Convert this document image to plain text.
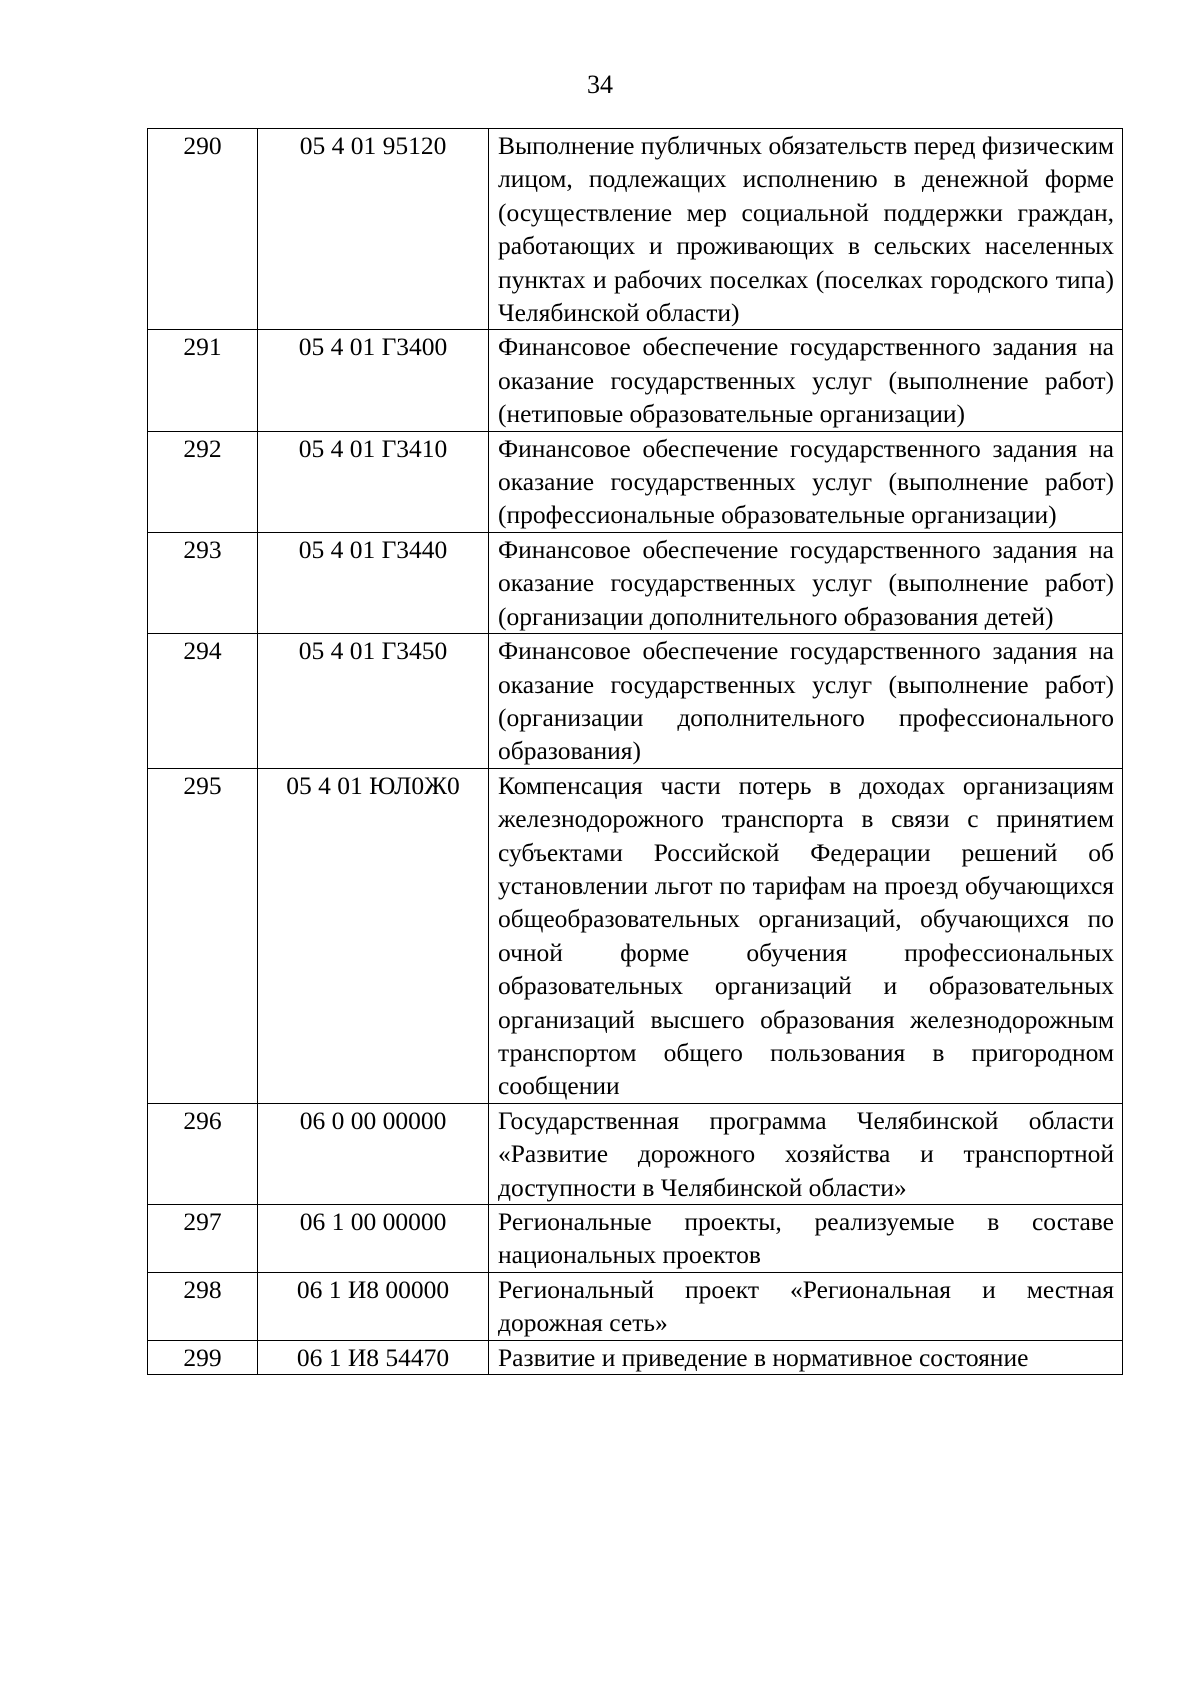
34
290	05 4 01 95120	Выполнение публичных обязательств перед физическим лицом, подлежащих исполнению в денежной форме (осуществление мер социальной поддержки граждан, работающих и проживающих в сельских населенных пунктах и рабочих поселках (поселках городского типа) Челябинской области)
291	05 4 01 Г3400	Финансовое обеспечение государственного задания на оказание государственных услуг (выполнение работ) (нетиповые образовательные организации)
292	05 4 01 Г3410	Финансовое обеспечение государственного задания на оказание государственных услуг (выполнение работ) (профессиональные образовательные организации)
293	05 4 01 Г3440	Финансовое обеспечение государственного задания на оказание государственных услуг (выполнение работ) (организации дополнительного образования детей)
294	05 4 01 Г3450	Финансовое обеспечение государственного задания на оказание государственных услуг (выполнение работ) (организации дополнительного профессионального образования)
295	05 4 01 ЮЛ0Ж0	Компенсация части потерь в доходах организациям железнодорожного транспорта в связи с принятием субъектами Российской Федерации решений об установлении льгот по тарифам на проезд обучающихся общеобразовательных организаций, обучающихся по очной форме обучения профессиональных образовательных организаций и образовательных организаций высшего образования железнодорожным транспортом общего пользования в пригородном сообщении
296	06 0 00 00000	Государственная программа Челябинской области «Развитие дорожного хозяйства и транспортной доступности в Челябинской области»
297	06 1 00 00000	Региональные проекты, реализуемые в составе национальных проектов
298	06 1 И8 00000	Региональный проект «Региональная и местная дорожная сеть»
299	06 1 И8 54470	Развитие и приведение в нормативное состояние
